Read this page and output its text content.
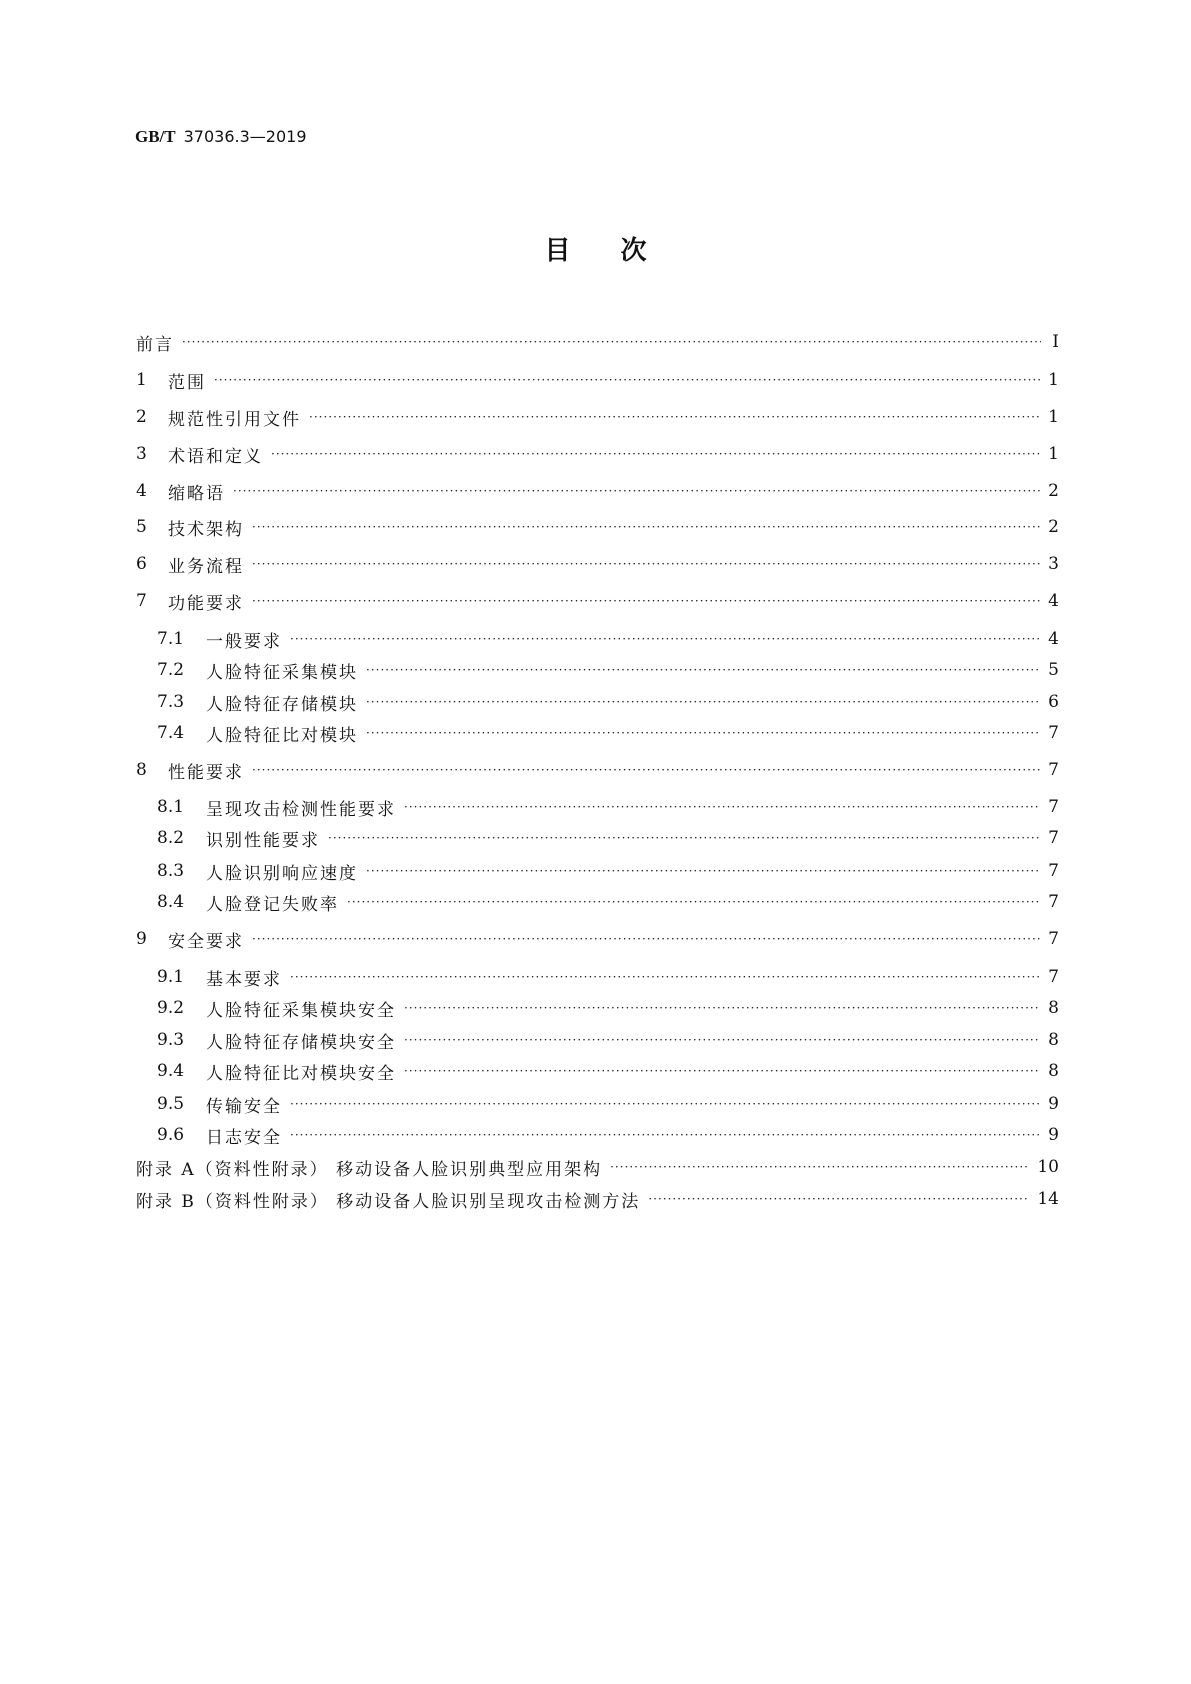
GB/T 37036.3—2019
目 次
前言 ·····	Ⅰ
1	范围 ·····	1
2	规范性引用文件 ·····	1
3	术语和定义 ·····	1
4	缩略语 ·····	2
5	技术架构 ·····	2
6	业务流程 ·····	3
7	功能要求 ·····	4
7.1	一般要求 ·····	4
7.2	人脸特征采集模块 ·····	5
7.3	人脸特征存储模块 ·····	6
7.4	人脸特征比对模块 ·····	7
8	性能要求 ·····	7
8.1	呈现攻击检测性能要求 ·····	7
8.2	识别性能要求 ·····	7
8.3	人脸识别响应速度 ·····	7
8.4	人脸登记失败率 ·····	7
9	安全要求 ·····	7
9.1	基本要求 ·····	7
9.2	人脸特征采集模块安全 ·····	8
9.3	人脸特征存储模块安全 ·····	8
9.4	人脸特征比对模块安全 ·····	8
9.5	传输安全 ·····	9
9.6	日志安全 ·····	9
附录 A（资料性附录） 移动设备人脸识别典型应用架构 ·····	10
附录 B（资料性附录） 移动设备人脸识别呈现攻击检测方法 ·····	14
